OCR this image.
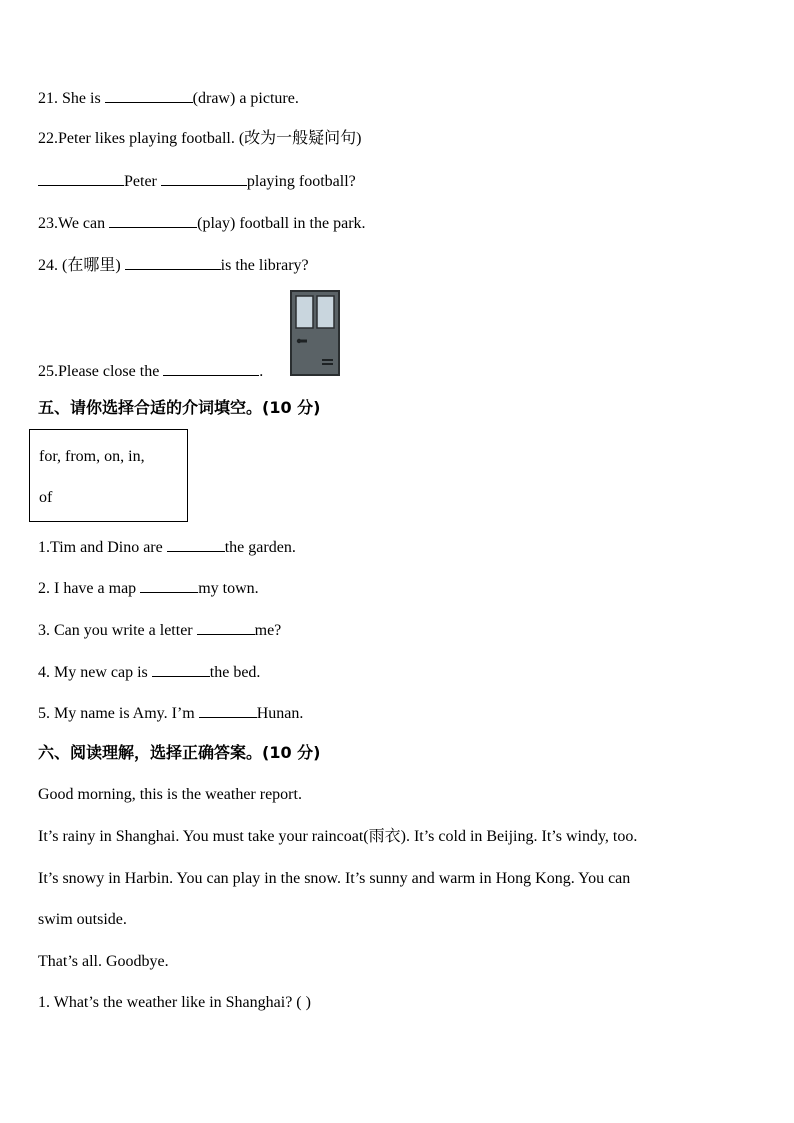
21. She is	(draw) a picture.
22.Peter likes playing football. (改为一般疑问句)
Peter	playing football?
23.We can	(play) football in the park.
24. (在哪里)	is the library?
25.Please close the	.
五、请你选择合适的介词填空。(10 分)
for, from, on, in,
of
1.Tim and Dino are	the garden.
2. I have a map	my town.
3. Can you write a letter	me?
4. My new cap is	the bed.
5. My name is Amy. I’m	Hunan.
六、阅读理解，选择正确答案。(10 分)
Good morning, this is the weather report.
It’s rainy in Shanghai. You must take your raincoat(雨衣). It’s cold in Beijing. It’s windy, too.
It’s snowy in Harbin. You can play in the snow. It’s sunny and warm in Hong Kong. You can
swim outside.
That’s all. Goodbye.
1. What’s the weather like in Shanghai? ( )
